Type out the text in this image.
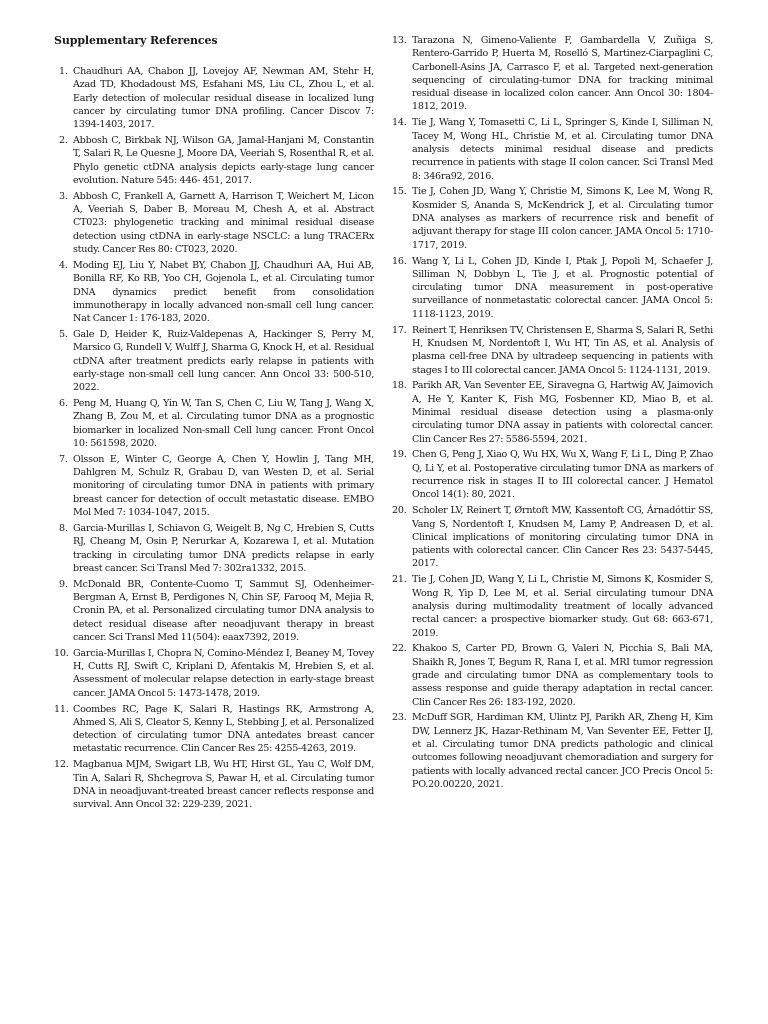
Supplementary References
1. Chaudhuri AA, Chabon JJ, Lovejoy AF, Newman AM, Stehr H, Azad TD, Khodadoust MS, Esfahani MS, Liu CL, Zhou L, et al. Early detection of molecular residual disease in localized lung cancer by circulating tumor DNA profiling. Cancer Discov 7: 1394-1403, 2017.
2. Abbosh C, Birkbak NJ, Wilson GA, Jamal-Hanjani M, Constantin T, Salari R, Le Quesne J, Moore DA, Veeriah S, Rosenthal R, et al. Phylo genetic ctDNA analysis depicts early-stage lung cancer evolution. Nature 545: 446- 451, 2017.
3. Abbosh C, Frankell A, Garnett A, Harrison T, Weichert M, Licon A, Veeriah S, Daber B, Moreau M, Chesh A, et al. Abstract CT023: phylogenetic tracking and minimal residual disease detection using ctDNA in early-stage NSCLC: a lung TRACERx study. Cancer Res 80: CT023, 2020.
4. Moding EJ, Liu Y, Nabet BY, Chabon JJ, Chaudhuri AA, Hui AB, Bonilla RF, Ko RB, Yoo CH, Gojenola L, et al. Circulating tumor DNA dynamics predict benefit from consolidation immunotherapy in locally advanced non-small cell lung cancer. Nat Cancer 1: 176-183, 2020.
5. Gale D, Heider K, Ruiz-Valdepenas A, Hackinger S, Perry M, Marsico G, Rundell V, Wulff J, Sharma G, Knock H, et al. Residual ctDNA after treatment predicts early relapse in patients with early-stage non-small cell lung cancer. Ann Oncol 33: 500-510, 2022.
6. Peng M, Huang Q, Yin W, Tan S, Chen C, Liu W, Tang J, Wang X, Zhang B, Zou M, et al. Circulating tumor DNA as a prognostic biomarker in localized Non-small Cell lung cancer. Front Oncol 10: 561598, 2020.
7. Olsson E, Winter C, George A, Chen Y, Howlin J, Tang MH, Dahlgren M, Schulz R, Grabau D, van Westen D, et al. Serial monitoring of circulating tumor DNA in patients with primary breast cancer for detection of occult metastatic disease. EMBO Mol Med 7: 1034-1047, 2015.
8. Garcia-Murillas I, Schiavon G, Weigelt B, Ng C, Hrebien S, Cutts RJ, Cheang M, Osin P, Nerurkar A, Kozarewa I, et al. Mutation tracking in circulating tumor DNA predicts relapse in early breast cancer. Sci Transl Med 7: 302ra1332, 2015.
9. McDonald BR, Contente-Cuomo T, Sammut SJ, Odenheimer-Bergman A, Ernst B, Perdigones N, Chin SF, Farooq M, Mejia R, Cronin PA, et al. Personalized circulating tumor DNA analysis to detect residual disease after neoadjuvant therapy in breast cancer. Sci Transl Med 11(504): eaax7392, 2019.
10. Garcia-Murillas I, Chopra N, Comino-Méndez I, Beaney M, Tovey H, Cutts RJ, Swift C, Kriplani D, Afentakis M, Hrebien S, et al. Assessment of molecular relapse detection in early-stage breast cancer. JAMA Oncol 5: 1473-1478, 2019.
11. Coombes RC, Page K, Salari R, Hastings RK, Armstrong A, Ahmed S, Ali S, Cleator S, Kenny L, Stebbing J, et al. Personalized detection of circulating tumor DNA antedates breast cancer metastatic recurrence. Clin Cancer Res 25: 4255-4263, 2019.
12. Magbanua MJM, Swigart LB, Wu HT, Hirst GL, Yau C, Wolf DM, Tin A, Salari R, Shchegrova S, Pawar H, et al. Circulating tumor DNA in neoadjuvant-treated breast cancer reflects response and survival. Ann Oncol 32: 229-239, 2021.
13. Tarazona N, Gimeno-Valiente F, Gambardella V, Zuñiga S, Rentero-Garrido P, Huerta M, Roselló S, Martinez-Ciarpaglini C, Carbonell-Asins JA, Carrasco F, et al. Targeted next-generation sequencing of circulating-tumor DNA for tracking minimal residual disease in localized colon cancer. Ann Oncol 30: 1804-1812, 2019.
14. Tie J, Wang Y, Tomasetti C, Li L, Springer S, Kinde I, Silliman N, Tacey M, Wong HL, Christie M, et al. Circulating tumor DNA analysis detects minimal residual disease and predicts recurrence in patients with stage II colon cancer. Sci Transl Med 8: 346ra92, 2016.
15. Tie J, Cohen JD, Wang Y, Christie M, Simons K, Lee M, Wong R, Kosmider S, Ananda S, McKendrick J, et al. Circulating tumor DNA analyses as markers of recurrence risk and benefit of adjuvant therapy for stage III colon cancer. JAMA Oncol 5: 1710-1717, 2019.
16. Wang Y, Li L, Cohen JD, Kinde I, Ptak J, Popoli M, Schaefer J, Silliman N, Dobbyn L, Tie J, et al. Prognostic potential of circulating tumor DNA measurement in post-operative surveillance of nonmetastatic colorectal cancer. JAMA Oncol 5: 1118-1123, 2019.
17. Reinert T, Henriksen TV, Christensen E, Sharma S, Salari R, Sethi H, Knudsen M, Nordentoft I, Wu HT, Tin AS, et al. Analysis of plasma cell-free DNA by ultradeep sequencing in patients with stages I to III colorectal cancer. JAMA Oncol 5: 1124-1131, 2019.
18. Parikh AR, Van Seventer EE, Siravegna G, Hartwig AV, Jaimovich A, He Y, Kanter K, Fish MG, Fosbenner KD, Miao B, et al. Minimal residual disease detection using a plasma-only circulating tumor DNA assay in patients with colorectal cancer. Clin Cancer Res 27: 5586-5594, 2021.
19. Chen G, Peng J, Xiao Q, Wu HX, Wu X, Wang F, Li L, Ding P, Zhao Q, Li Y, et al. Postoperative circulating tumor DNA as markers of recurrence risk in stages II to III colorectal cancer. J Hematol Oncol 14(1): 80, 2021.
20. Scholer LV, Reinert T, Ørntoft MW, Kassentoft CG, Árnadóttir SS, Vang S, Nordentoft I, Knudsen M, Lamy P, Andreasen D, et al. Clinical implications of monitoring circulating tumor DNA in patients with colorectal cancer. Clin Cancer Res 23: 5437-5445, 2017.
21. Tie J, Cohen JD, Wang Y, Li L, Christie M, Simons K, Kosmider S, Wong R, Yip D, Lee M, et al. Serial circulating tumour DNA analysis during multimodality treatment of locally advanced rectal cancer: a prospective biomarker study. Gut 68: 663-671, 2019.
22. Khakoo S, Carter PD, Brown G, Valeri N, Picchia S, Bali MA, Shaikh R, Jones T, Begum R, Rana I, et al. MRI tumor regression grade and circulating tumor DNA as complementary tools to assess response and guide therapy adaptation in rectal cancer. Clin Cancer Res 26: 183-192, 2020.
23. McDuff SGR, Hardiman KM, Ulintz PJ, Parikh AR, Zheng H, Kim DW, Lennerz JK, Hazar-Rethinam M, Van Seventer EE, Fetter IJ, et al. Circulating tumor DNA predicts pathologic and clinical outcomes following neoadjuvant chemoradiation and surgery for patients with locally advanced rectal cancer. JCO Precis Oncol 5: PO.20.00220, 2021.
